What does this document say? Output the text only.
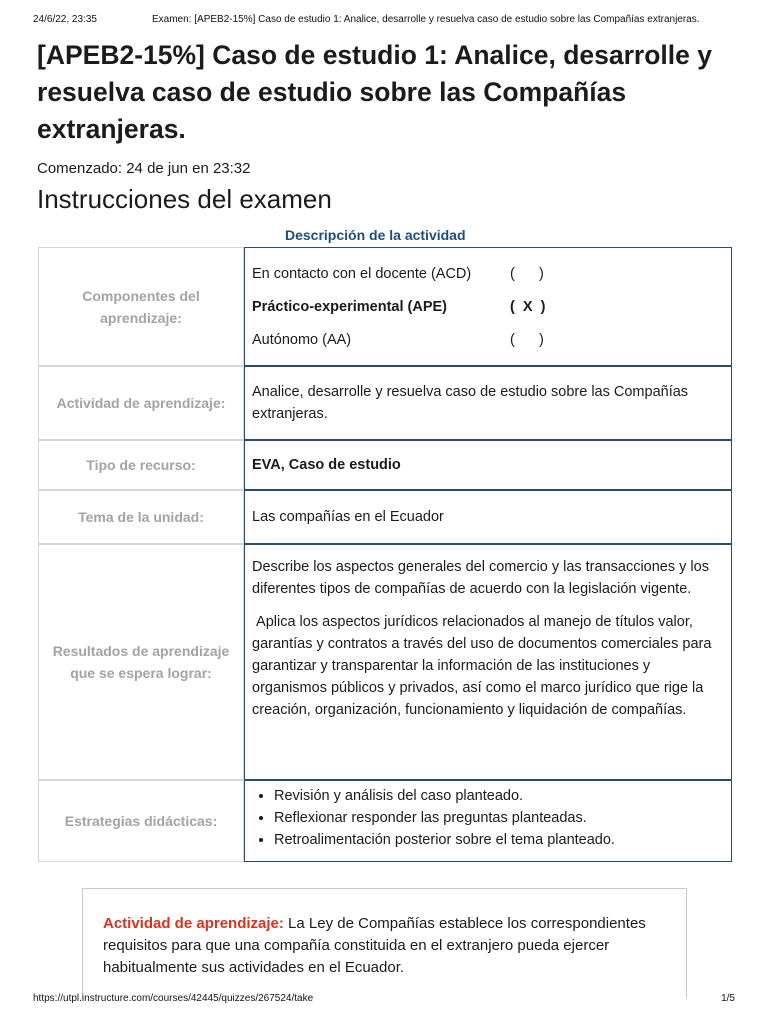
24/6/22, 23:35	Examen: [APEB2-15%] Caso de estudio 1: Analice, desarrolle y resuelva caso de estudio sobre las Compañías extranjeras.
[APEB2-15%] Caso de estudio 1: Analice, desarrolle y resuelva caso de estudio sobre las Compañías extranjeras.
Comenzado: 24 de jun en 23:32
Instrucciones del examen
Descripción de la actividad
Componentes del aprendizaje:
En contacto con el docente (ACD)	(      )
Práctico-experimental (APE)	(  X  )
Autónomo (AA)	(      )
Actividad de aprendizaje:
Analice, desarrolle y resuelva caso de estudio sobre las Compañías extranjeras.
Tipo de recurso:	EVA, Caso de estudio
Tema de la unidad:	Las compañías en el Ecuador
Resultados de aprendizaje que se espera lograr:
Describe los aspectos generales del comercio y las transacciones y los diferentes tipos de compañías de acuerdo con la legislación vigente.
Aplica los aspectos jurídicos relacionados al manejo de títulos valor, garantías y contratos a través del uso de documentos comerciales para garantizar y transparentar la información de las instituciones y organismos públicos y privados, así como el marco jurídico que rige la creación, organización, funcionamiento y liquidación de compañías.
Estrategias didácticas:
• Revisión y análisis del caso planteado.
• Reflexionar responder las preguntas planteadas.
• Retroalimentación posterior sobre el tema planteado.
Actividad de aprendizaje: La Ley de Compañías establece los correspondientes requisitos para que una compañía constituida en el extranjero pueda ejercer habitualmente sus actividades en el Ecuador.
https://utpl.instructure.com/courses/42445/quizzes/267524/take	1/5
